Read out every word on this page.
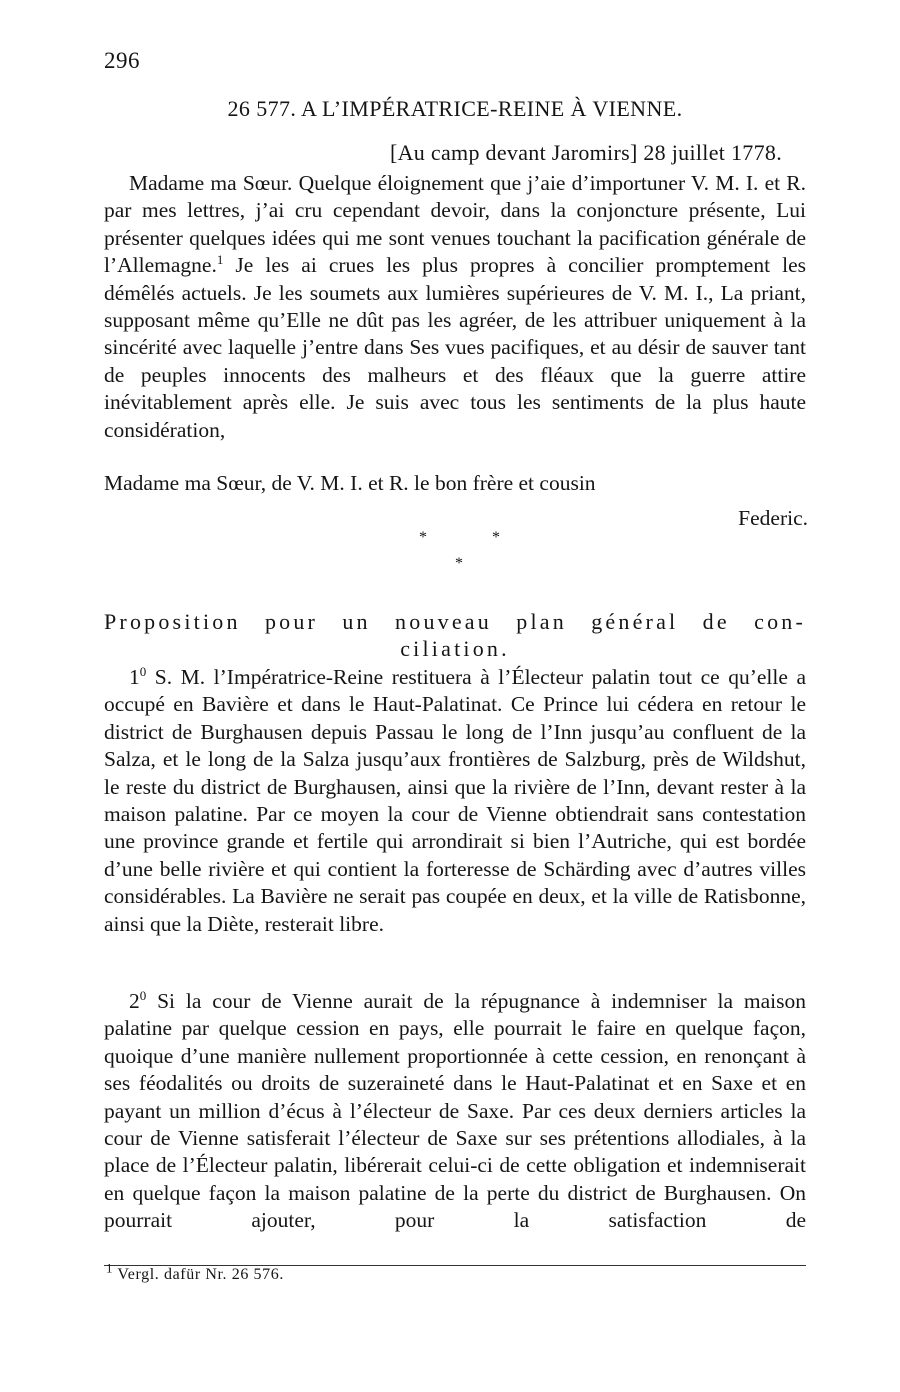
296
26 577. A L’IMPÉRATRICE-REINE À VIENNE.
[Au camp devant Jaromirs] 28 juillet 1778.

Madame ma Sœur. Quelque éloignement que j’aie d’importuner V. M. I. et R. par mes lettres, j’ai cru cependant devoir, dans la conjoncture présente, Lui présenter quelques idées qui me sont venues touchant la pacification générale de l’Allemagne.$^1$ Je les ai crues les plus propres à concilier promptement les démêlés actuels. Je les soumets aux lumières supérieures de V. M. I., La priant, supposant même qu’Elle ne dût pas les agréer, de les attribuer uniquement à la sincérité avec laquelle j’entre dans Ses vues pacifiques, et au désir de sauver tant de peuples innocents des malheurs et des fléaux que la guerre attire inévitablement après elle. Je suis avec tous les sentiments de la plus haute considération,

Madame ma Sœur, de V. M. I. et R. le bon frère et cousin
Federic.
*	*
*
Proposition pour un nouveau plan général de con-
ciliation.

$1^0$ S. M. l’Impératrice-Reine restituera à l’Électeur palatin tout ce qu’elle a occupé en Bavière et dans le Haut-Palatinat. Ce Prince lui cédera en retour le district de Burghausen depuis Passau le long de l’Inn jusqu’au confluent de la Salza, et le long de la Salza jusqu’aux frontières de Salzburg, près de Wildshut, le reste du district de Burghausen, ainsi que la rivière de l’Inn, devant rester à la maison palatine. Par ce moyen la cour de Vienne obtiendrait sans contestation une province grande et fertile qui arrondirait si bien l’Autriche, qui est bordée d’une belle rivière et qui contient la forteresse de Schärding avec d’autres villes considérables. La Bavière ne serait pas coupée en deux, et la ville de Ratisbonne, ainsi que la Diète, resterait libre.

$2^0$ Si la cour de Vienne aurait de la répugnance à indemniser la maison palatine par quelque cession en pays, elle pourrait le faire en quelque façon, quoique d’une manière nullement proportionnée à cette cession, en renonçant à ses féodalités ou droits de suzeraineté dans le Haut-Palatinat et en Saxe et en payant un million d’écus à l’électeur de Saxe. Par ces deux derniers articles la cour de Vienne satisferait l’électeur de Saxe sur ses prétentions allodiales, à la place de l’Électeur palatin, libérerait celui-ci de cette obligation et indemniserait en quelque façon la maison palatine de la perte du district de Burghausen. On pourrait ajouter, pour la satisfaction de

$^1$ Vergl. dafür Nr. 26 576.
